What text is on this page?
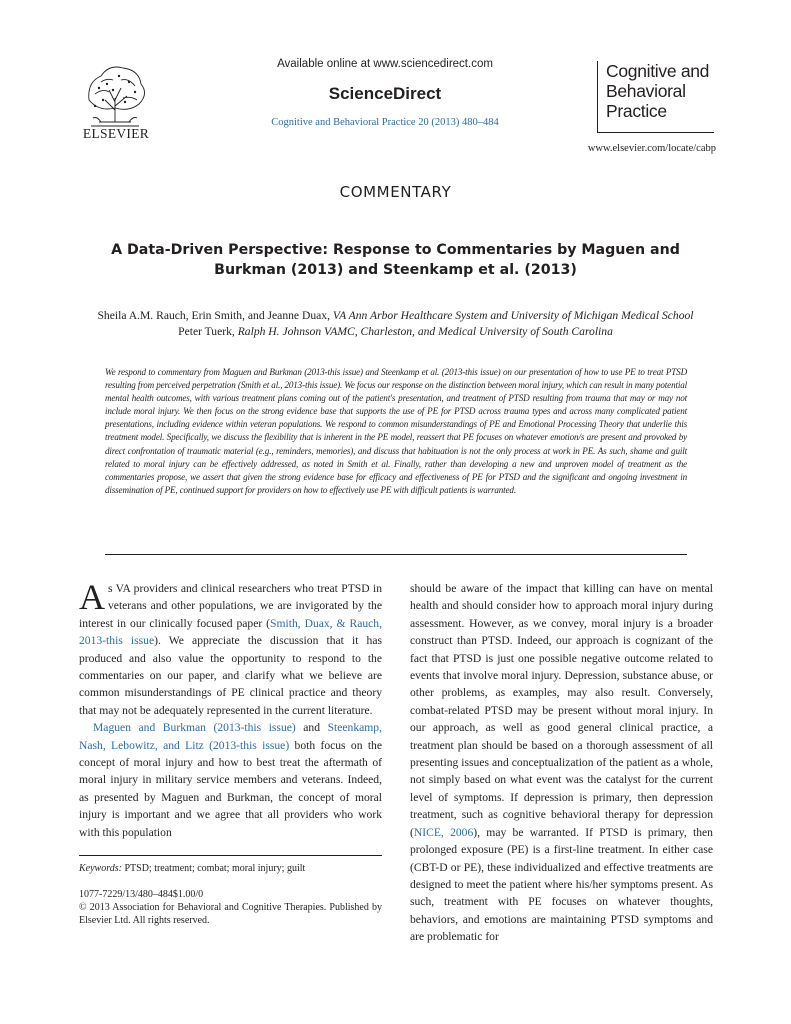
ELSEVIER
Available online at www.sciencedirect.com
ScienceDirect
Cognitive and Behavioral Practice 20 (2013) 480–484
Cognitive and
Behavioral
Practice
www.elsevier.com/locate/cabp
COMMENTARY
A Data-Driven Perspective: Response to Commentaries by Maguen and Burkman (2013) and Steenkamp et al. (2013)
Sheila A.M. Rauch, Erin Smith, and Jeanne Duax, VA Ann Arbor Healthcare System and University of Michigan Medical School
Peter Tuerk, Ralph H. Johnson VAMC, Charleston, and Medical University of South Carolina
We respond to commentary from Maguen and Burkman (2013-this issue) and Steenkamp et al. (2013-this issue) on our presentation of how to use PE to treat PTSD resulting from perceived perpetration (Smith et al., 2013-this issue). We focus our response on the distinction between moral injury, which can result in many potential mental health outcomes, with various treatment plans coming out of the patient's presentation, and treatment of PTSD resulting from trauma that may or may not include moral injury. We then focus on the strong evidence base that supports the use of PE for PTSD across trauma types and across many complicated patient presentations, including evidence within veteran populations. We respond to common misunderstandings of PE and Emotional Processing Theory that underlie this treatment model. Specifically, we discuss the flexibility that is inherent in the PE model, reassert that PE focuses on whatever emotion/s are present and provoked by direct confrontation of traumatic material (e.g., reminders, memories), and discuss that habituation is not the only process at work in PE. As such, shame and guilt related to moral injury can be effectively addressed, as noted in Smith et al. Finally, rather than developing a new and unproven model of treatment as the commentaries propose, we assert that given the strong evidence base for efficacy and effectiveness of PE for PTSD and the significant and ongoing investment in dissemination of PE, continued support for providers on how to effectively use PE with difficult patients is warranted.

As VA providers and clinical researchers who treat PTSD in veterans and other populations, we are invigorated by the interest in our clinically focused paper (Smith, Duax, & Rauch, 2013-this issue). We appreciate the discussion that it has produced and also value the opportunity to respond to the commentaries on our paper, and clarify what we believe are common misunderstandings of PE clinical practice and theory that may not be adequately represented in the current literature.

Maguen and Burkman (2013-this issue) and Steenkamp, Nash, Lebowitz, and Litz (2013-this issue) both focus on the concept of moral injury and how to best treat the aftermath of moral injury in military service members and veterans. Indeed, as presented by Maguen and Burkman, the concept of moral injury is important and we agree that all providers who work with this population

Keywords: PTSD; treatment; combat; moral injury; guilt
1077-7229/13/480–484$1.00/0
© 2013 Association for Behavioral and Cognitive Therapies. Published by Elsevier Ltd. All rights reserved.

should be aware of the impact that killing can have on mental health and should consider how to approach moral injury during assessment. However, as we convey, moral injury is a broader construct than PTSD. Indeed, our approach is cognizant of the fact that PTSD is just one possible negative outcome related to events that involve moral injury. Depression, substance abuse, or other problems, as examples, may also result. Conversely, combat-related PTSD may be present without moral injury. In our approach, as well as good general clinical practice, a treatment plan should be based on a thorough assessment of all presenting issues and conceptualization of the patient as a whole, not simply based on what event was the catalyst for the current level of symptoms. If depression is primary, then depression treatment, such as cognitive behavioral therapy for depression (NICE, 2006), may be warranted. If PTSD is primary, then prolonged exposure (PE) is a first-line treatment. In either case (CBT-D or PE), these individualized and effective treatments are designed to meet the patient where his/her symptoms present. As such, treatment with PE focuses on whatever thoughts, behaviors, and emotions are maintaining PTSD symptoms and are problematic for
